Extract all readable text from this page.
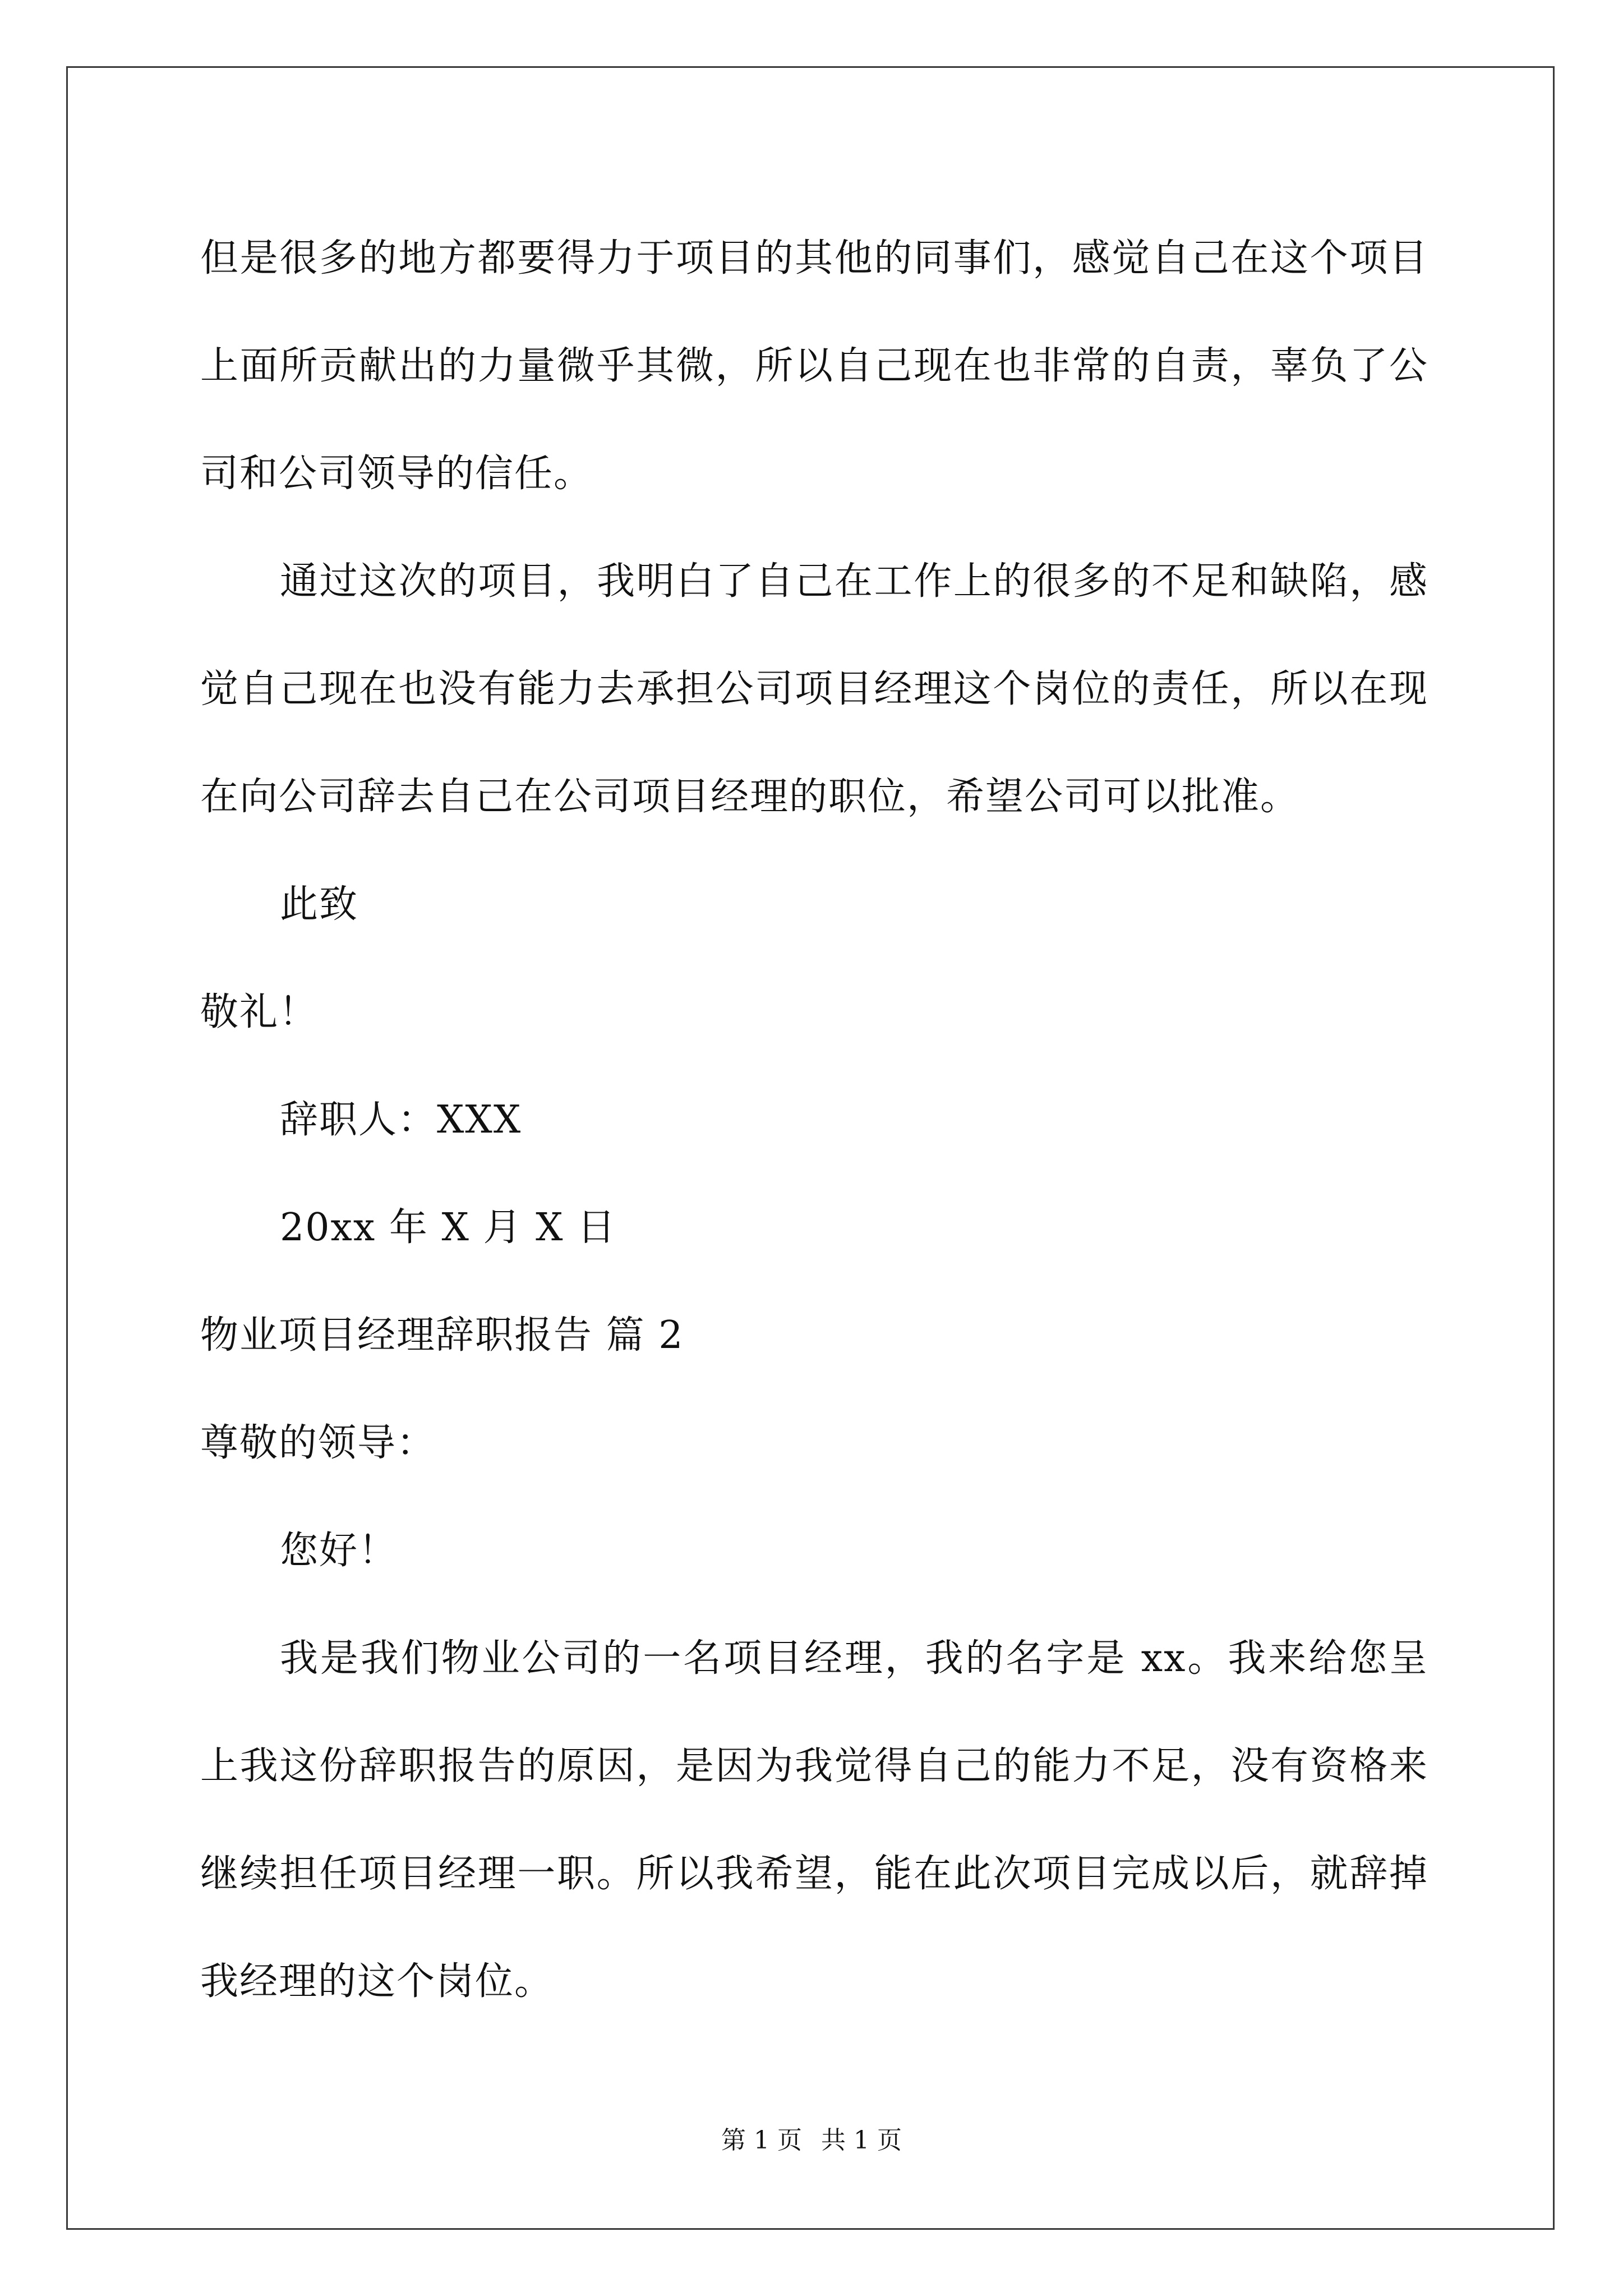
但是很多的地方都要得力于项目的其他的同事们，感觉自己在这个项目上面所贡献出的力量微乎其微，所以自己现在也非常的自责，辜负了公司和公司领导的信任。

通过这次的项目，我明白了自己在工作上的很多的不足和缺陷，感觉自己现在也没有能力去承担公司项目经理这个岗位的责任，所以在现在向公司辞去自己在公司项目经理的职位，希望公司可以批准。

此致

敬礼！

辞职人：XXX

20xx 年 X 月 X 日

物业项目经理辞职报告 篇 2

尊敬的领导：

您好！

我是我们物业公司的一名项目经理，我的名字是 xx。我来给您呈上我这份辞职报告的原因，是因为我觉得自己的能力不足，没有资格来继续担任项目经理一职。所以我希望，能在此次项目完成以后，就辞掉我经理的这个岗位。

第 1 页 共 1 页
